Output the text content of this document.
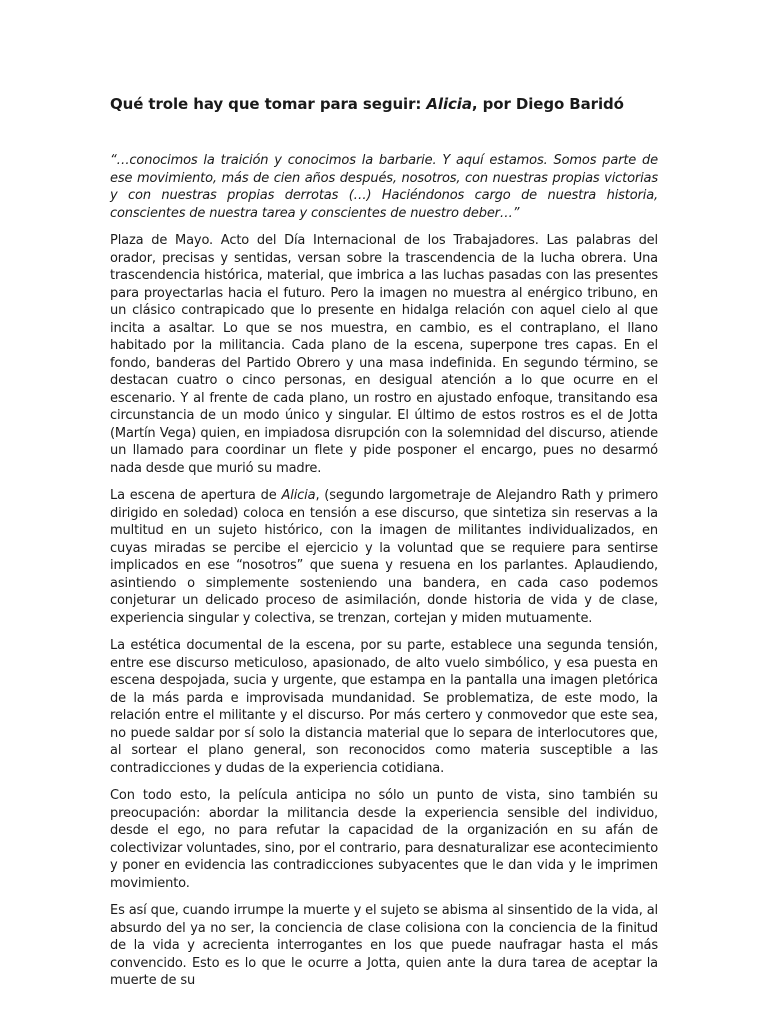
Qué trole hay que tomar para seguir: Alicia, por Diego Baridó

“…conocimos la traición y conocimos la barbarie. Y aquí estamos. Somos parte de ese movimiento, más de cien años después, nosotros, con nuestras propias victorias y con nuestras propias derrotas (…) Haciéndonos cargo de nuestra historia, conscientes de nuestra tarea y conscientes de nuestro deber…”

Plaza de Mayo. Acto del Día Internacional de los Trabajadores. Las palabras del orador, precisas y sentidas, versan sobre la trascendencia de la lucha obrera. Una trascendencia histórica, material, que imbrica a las luchas pasadas con las presentes para proyectarlas hacia el futuro. Pero la imagen no muestra al enérgico tribuno, en un clásico contrapicado que lo presente en hidalga relación con aquel cielo al que incita a asaltar. Lo que se nos muestra, en cambio, es el contraplano, el llano habitado por la militancia. Cada plano de la escena, superpone tres capas. En el fondo, banderas del Partido Obrero y una masa indefinida. En segundo término, se destacan cuatro o cinco personas, en desigual atención a lo que ocurre en el escenario. Y al frente de cada plano, un rostro en ajustado enfoque, transitando esa circunstancia de un modo único y singular. El último de estos rostros es el de Jotta (Martín Vega) quien, en impiadosa disrupción con la solemnidad del discurso, atiende un llamado para coordinar un flete y pide posponer el encargo, pues no desarmó nada desde que murió su madre.

La escena de apertura de Alicia, (segundo largometraje de Alejandro Rath y primero dirigido en soledad) coloca en tensión a ese discurso, que sintetiza sin reservas a la multitud en un sujeto histórico, con la imagen de militantes individualizados, en cuyas miradas se percibe el ejercicio y la voluntad que se requiere para sentirse implicados en ese “nosotros” que suena y resuena en los parlantes. Aplaudiendo, asintiendo o simplemente sosteniendo una bandera, en cada caso podemos conjeturar un delicado proceso de asimilación, donde historia de vida y de clase, experiencia singular y colectiva, se trenzan, cortejan y miden mutuamente.

La estética documental de la escena, por su parte, establece una segunda tensión, entre ese discurso meticuloso, apasionado, de alto vuelo simbólico, y esa puesta en escena despojada, sucia y urgente, que estampa en la pantalla una imagen pletórica de la más parda e improvisada mundanidad. Se problematiza, de este modo, la relación entre el militante y el discurso. Por más certero y conmovedor que este sea, no puede saldar por sí solo la distancia material que lo separa de interlocutores que, al sortear el plano general, son reconocidos como materia susceptible a las contradicciones y dudas de la experiencia cotidiana.

Con todo esto, la película anticipa no sólo un punto de vista, sino también su preocupación: abordar la militancia desde la experiencia sensible del individuo, desde el ego, no para refutar la capacidad de la organización en su afán de colectivizar voluntades, sino, por el contrario, para desnaturalizar ese acontecimiento y poner en evidencia las contradicciones subyacentes que le dan vida y le imprimen movimiento.

Es así que, cuando irrumpe la muerte y el sujeto se abisma al sinsentido de la vida, al absurdo del ya no ser, la conciencia de clase colisiona con la conciencia de la finitud de la vida y acrecienta interrogantes en los que puede naufragar hasta el más convencido. Esto es lo que le ocurre a Jotta, quien ante la dura tarea de aceptar la muerte de su
